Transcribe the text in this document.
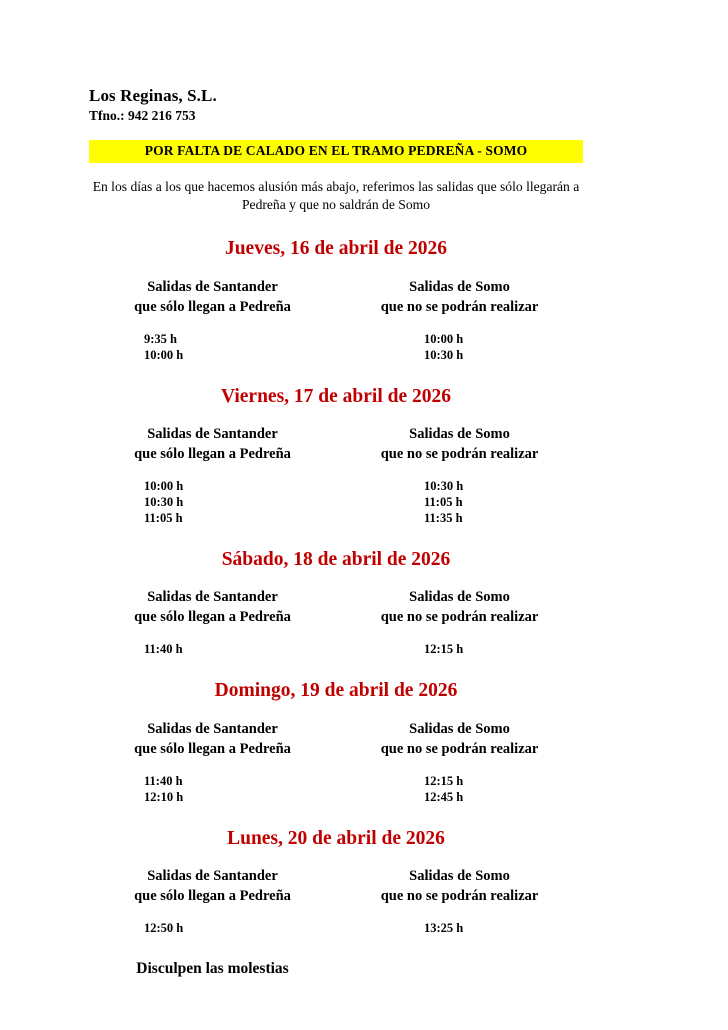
Los Reginas, S.L.
Tfno.: 942 216 753
POR FALTA DE CALADO EN EL TRAMO PEDREÑA - SOMO

En los días a los que hacemos alusión más abajo, referimos las salidas que sólo llegarán a Pedreña y que no saldrán de Somo

Jueves, 16 de abril de 2026
Salidas de Santander
que sólo llegan a Pedreña
9:35 h
10:00 h
Salidas de Somo
que no se podrán realizar
10:00 h
10:30 h
Viernes, 17 de abril de 2026
Salidas de Santander
que sólo llegan a Pedreña
10:00 h
10:30 h
11:05 h
Salidas de Somo
que no se podrán realizar
10:30 h
11:05 h
11:35 h
Sábado, 18 de abril de 2026
Salidas de Santander
que sólo llegan a Pedreña
11:40 h
Salidas de Somo
que no se podrán realizar
12:15 h
Domingo, 19 de abril de 2026
Salidas de Santander
que sólo llegan a Pedreña
11:40 h
12:10 h
Salidas de Somo
que no se podrán realizar
12:15 h
12:45 h
Lunes, 20 de abril de 2026
Salidas de Santander
que sólo llegan a Pedreña
12:50 h
Salidas de Somo
que no se podrán realizar
13:25 h
Disculpen las molestias
